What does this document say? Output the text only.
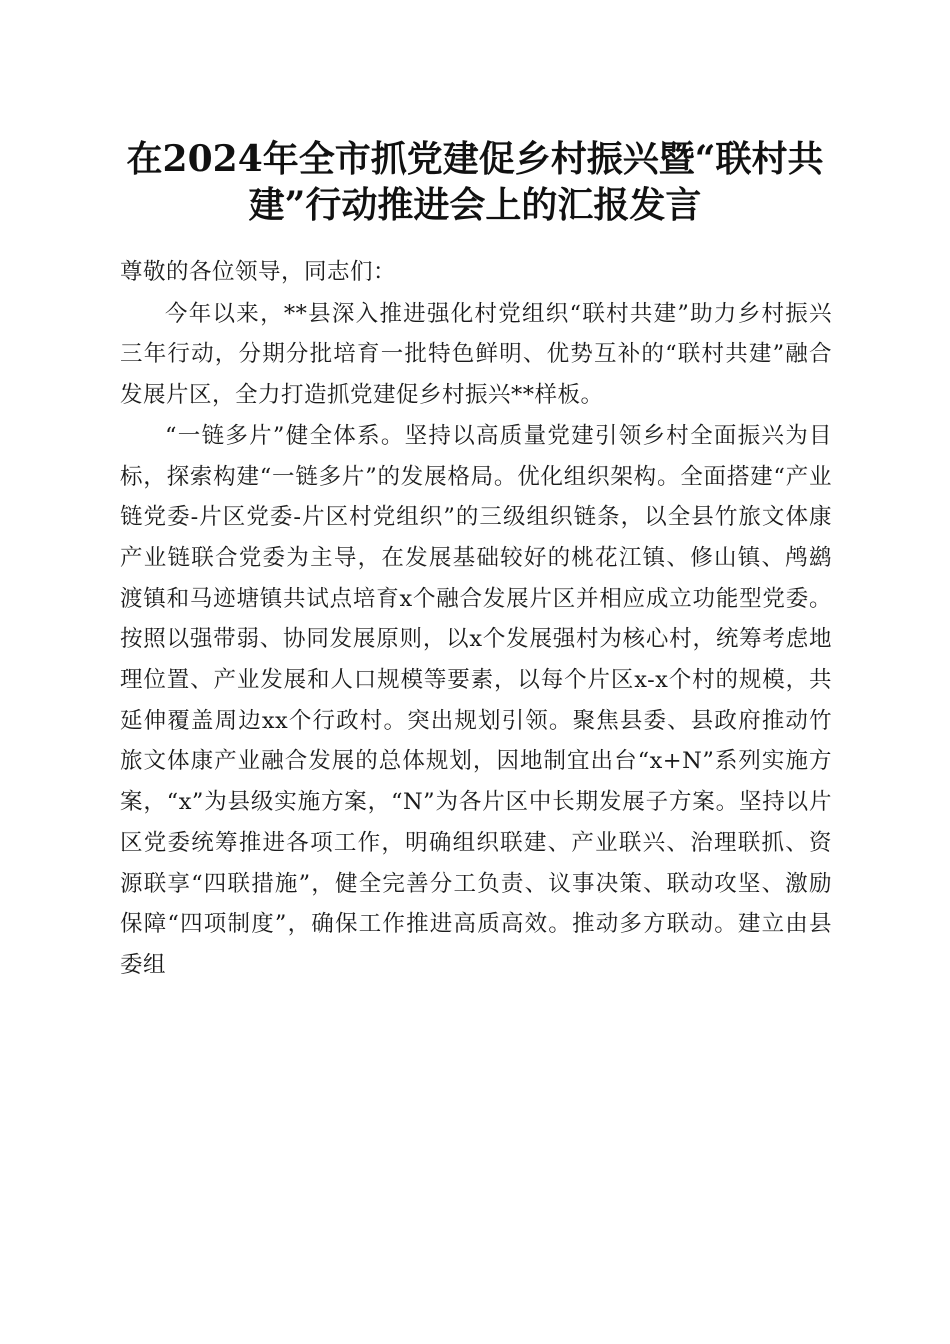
在2024年全市抓党建促乡村振兴暨“联村共
建”行动推进会上的汇报发言

尊敬的各位领导，同志们：

今年以来，**县深入推进强化村党组织“联村共建”助力乡村振兴三年行动，分期分批培育一批特色鲜明、优势互补的“联村共建”融合发展片区，全力打造抓党建促乡村振兴**样板。

“一链多片”健全体系。坚持以高质量党建引领乡村全面振兴为目标，探索构建“一链多片”的发展格局。优化组织架构。全面搭建“产业链党委-片区党委-片区村党组织”的三级组织链条，以全县竹旅文体康产业链联合党委为主导，在发展基础较好的桃花江镇、修山镇、鸬鹚渡镇和马迹塘镇共试点培育x个融合发展片区并相应成立功能型党委。按照以强带弱、协同发展原则，以x个发展强村为核心村，统筹考虑地理位置、产业发展和人口规模等要素，以每个片区x-x个村的规模，共延伸覆盖周边xx个行政村。突出规划引领。聚焦县委、县政府推动竹旅文体康产业融合发展的总体规划，因地制宜出台“x+N”系列实施方案，“x”为县级实施方案，“N”为各片区中长期发展子方案。坚持以片区党委统筹推进各项工作，明确组织联建、产业联兴、治理联抓、资源联享“四联措施”，健全完善分工负责、议事决策、联动攻坚、激励保障“四项制度”，确保工作推进高质高效。推动多方联动。建立由县委组
